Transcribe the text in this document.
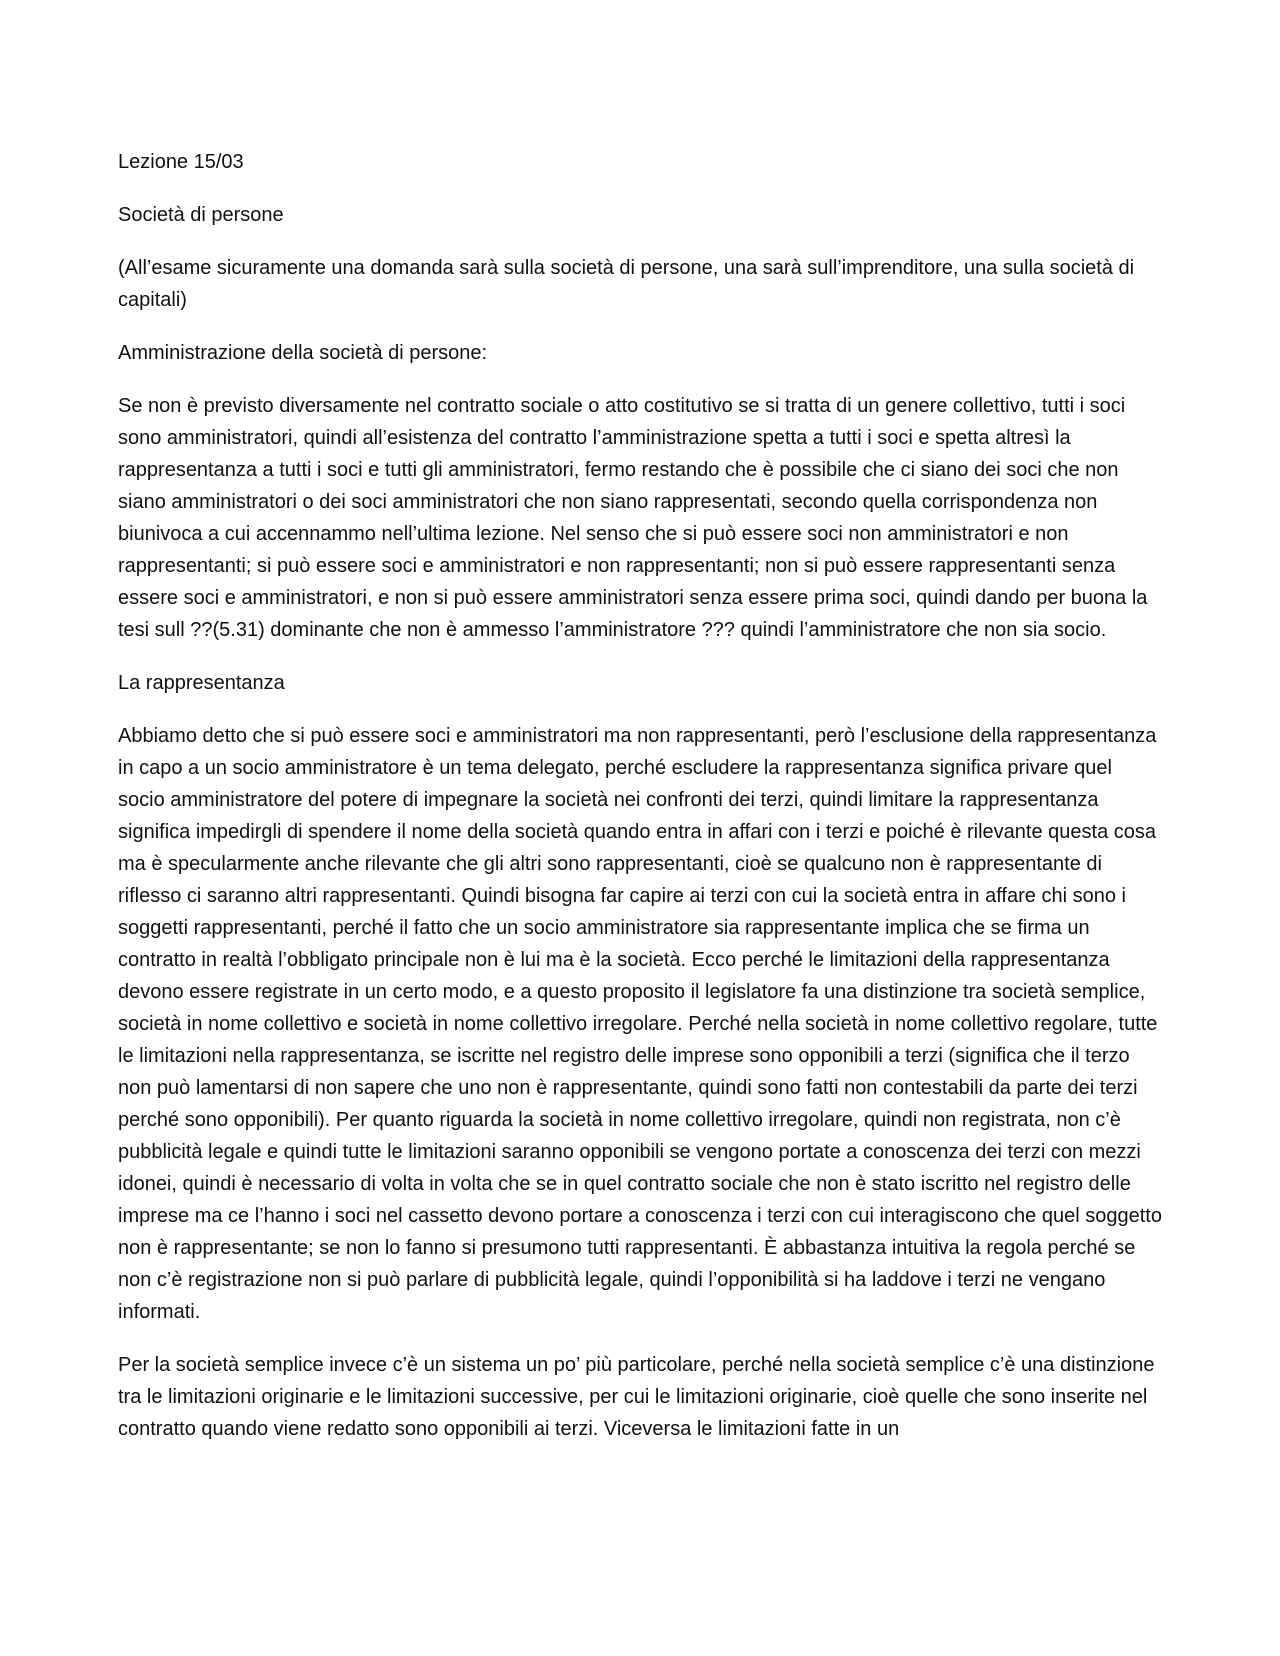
Lezione 15/03

Società di persone

(All’esame sicuramente una domanda sarà sulla società di persone, una sarà sull’imprenditore, una sulla società di capitali)

Amministrazione della società di persone:

Se non è previsto diversamente nel contratto sociale o atto costitutivo se si tratta di un genere collettivo, tutti i soci sono amministratori, quindi all’esistenza del contratto l’amministrazione spetta a tutti i soci e spetta altresì la rappresentanza a tutti i soci e tutti gli amministratori, fermo restando che è possibile che ci siano dei soci che non siano amministratori o dei soci amministratori che non siano rappresentati, secondo quella corrispondenza non biunivoca a cui accennammo nell’ultima lezione. Nel senso che si può essere soci non amministratori e non rappresentanti; si può essere soci e amministratori e non rappresentanti; non si può essere rappresentanti senza essere soci e amministratori, e non si può essere amministratori senza essere prima soci, quindi dando per buona la tesi sull ??(5.31) dominante che non è ammesso l’amministratore ??? quindi l’amministratore che non sia socio.

La rappresentanza

Abbiamo detto che si può essere soci e amministratori ma non rappresentanti, però l’esclusione della rappresentanza in capo a un socio amministratore è un tema delegato, perché escludere la rappresentanza significa privare quel socio amministratore del potere di impegnare la società nei confronti dei terzi, quindi limitare la rappresentanza significa impedirgli di spendere il nome della società quando entra in affari con i terzi e poiché è rilevante questa cosa ma è specularmente anche rilevante che gli altri sono rappresentanti, cioè se qualcuno non è rappresentante di riflesso ci saranno altri rappresentanti. Quindi bisogna far capire ai terzi con cui la società entra in affare chi sono i soggetti rappresentanti, perché il fatto che un socio amministratore sia rappresentante implica che se firma un contratto in realtà l’obbligato principale non è lui ma è la società. Ecco perché le limitazioni della rappresentanza devono essere registrate in un certo modo, e a questo proposito il legislatore fa una distinzione tra società semplice, società in nome collettivo e società in nome collettivo irregolare. Perché nella società in nome collettivo regolare, tutte le limitazioni nella rappresentanza, se iscritte nel registro delle imprese sono opponibili a terzi (significa che il terzo non può lamentarsi di non sapere che uno non è rappresentante, quindi sono fatti non contestabili da parte dei terzi perché sono opponibili). Per quanto riguarda la società in nome collettivo irregolare, quindi non registrata, non c’è pubblicità legale e quindi tutte le limitazioni saranno opponibili se vengono portate a conoscenza dei terzi con mezzi idonei, quindi è necessario di volta in volta che se in quel contratto sociale che non è stato iscritto nel registro delle imprese ma ce l’hanno i soci nel cassetto devono portare a conoscenza i terzi con cui interagiscono che quel soggetto non è rappresentante; se non lo fanno si presumono tutti rappresentanti. È abbastanza intuitiva la regola perché se non c’è registrazione non si può parlare di pubblicità legale, quindi l’opponibilità si ha laddove i terzi ne vengano informati.

Per la società semplice invece c’è un sistema un po’ più particolare, perché nella società semplice c’è una distinzione tra le limitazioni originarie e le limitazioni successive, per cui le limitazioni originarie, cioè quelle che sono inserite nel contratto quando viene redatto sono opponibili ai terzi. Viceversa le limitazioni fatte in un
